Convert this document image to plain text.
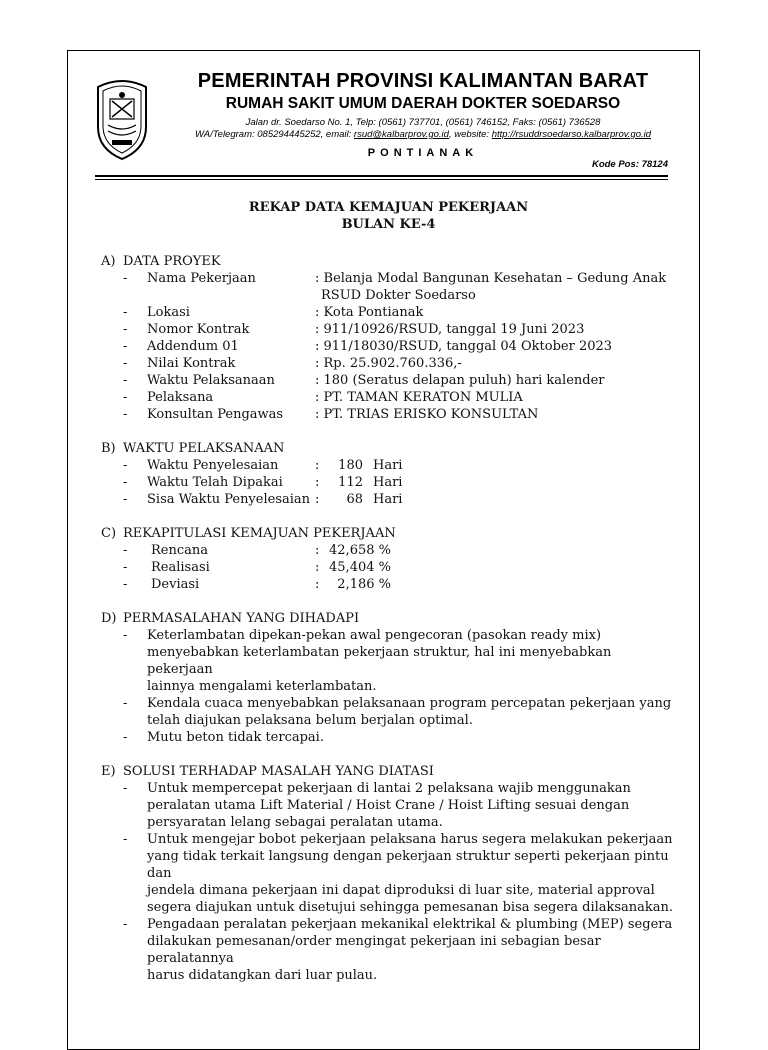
PEMERINTAH PROVINSI KALIMANTAN BARAT
RUMAH SAKIT UMUM DAERAH DOKTER SOEDARSO
Jalan dr. Soedarso No. 1, Telp: (0561) 737701, (0561) 746152, Faks: (0561) 736528
WA/Telegram: 085294445252, email: rsud@kalbarprov.go.id, website: http://rsuddrsoedarso.kalbarprov.go.id
PONTIANAK
Kode Pos: 78124
REKAP DATA KEMAJUAN PEKERJAAN
BULAN KE-4
A) DATA PROYEK
-	Nama Pekerjaan	: Belanja Modal Bangunan Kesehatan – Gedung Anak
RSUD Dokter Soedarso
-	Lokasi	: Kota Pontianak
-	Nomor Kontrak	: 911/10926/RSUD, tanggal 19 Juni 2023
-	Addendum 01	: 911/18030/RSUD, tanggal 04 Oktober 2023
-	Nilai Kontrak	: Rp. 25.902.760.336,-
-	Waktu Pelaksanaan	: 180 (Seratus delapan puluh) hari kalender
-	Pelaksana	: PT. TAMAN KERATON MULIA
-	Konsultan Pengawas	: PT. TRIAS ERISKO KONSULTAN
B) WAKTU PELAKSANAAN
-	Waktu Penyelesaian	:	180 Hari
-	Waktu Telah Dipakai	:	112 Hari
-	Sisa Waktu Penyelesaian :	68 Hari
C) REKAPITULASI KEMAJUAN PEKERJAAN
-	Rencana	: 42,658 %
-	Realisasi	: 45,404 %
-	Deviasi	:	2,186 %
D) PERMASALAHAN YANG DIHADAPI
-	Keterlambatan dipekan-pekan awal pengecoran (pasokan ready mix)
menyebabkan keterlambatan pekerjaan struktur, hal ini menyebabkan pekerjaan
lainnya mengalami keterlambatan.
-	Kendala cuaca menyebabkan pelaksanaan program percepatan pekerjaan yang
telah diajukan pelaksana belum berjalan optimal.
-	Mutu beton tidak tercapai.
E) SOLUSI TERHADAP MASALAH YANG DIATASI
-	Untuk mempercepat pekerjaan di lantai 2 pelaksana wajib menggunakan
peralatan utama Lift Material / Hoist Crane / Hoist Lifting sesuai dengan
persyaratan lelang sebagai peralatan utama.
-	Untuk mengejar bobot pekerjaan pelaksana harus segera melakukan pekerjaan
yang tidak terkait langsung dengan pekerjaan struktur seperti pekerjaan pintu dan
jendela dimana pekerjaan ini dapat diproduksi di luar site, material approval
segera diajukan untuk disetujui sehingga pemesanan bisa segera dilaksanakan.
-	Pengadaan peralatan pekerjaan mekanikal elektrikal & plumbing (MEP) segera
dilakukan pemesanan/order mengingat pekerjaan ini sebagian besar peralatannya
harus didatangkan dari luar pulau.
